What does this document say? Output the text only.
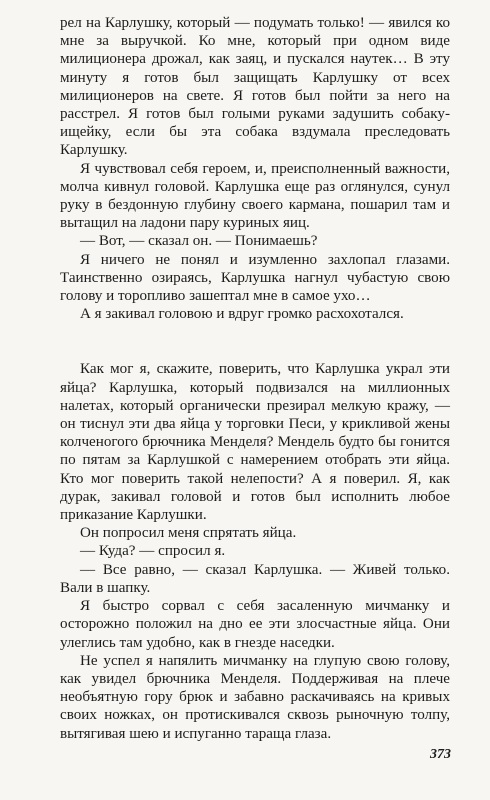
рел на Карлушку, который — подумать только! — явился ко мне за выручкой. Ко мне, который при одном виде милиционера дрожал, как заяц, и пускался наутек… В эту минуту я готов был защищать Карлушку от всех милиционеров на свете. Я готов был пойти за него на расстрел. Я готов был голыми руками задушить собаку-ищейку, если бы эта собака вздумала преследовать Карлушку.

Я чувствовал себя героем, и, преисполненный важности, молча кивнул головой. Карлушка еще раз оглянулся, сунул руку в бездонную глубину своего кармана, пошарил там и вытащил на ладони пару куриных яиц.

— Вот, — сказал он. — Понимаешь?

Я ничего не понял и изумленно захлопал глазами. Таинственно озираясь, Карлушка нагнул чубастую свою голову и торопливо зашептал мне в самое ухо…

А я закивал головою и вдруг громко расхохотался.

Как мог я, скажите, поверить, что Карлушка украл эти яйца? Карлушка, который подвизался на миллионных налетах, который органически презирал мелкую кражу, — он тиснул эти два яйца у торговки Песи, у крикливой жены колченогого брючника Менделя? Мендель будто бы гонится по пятам за Карлушкой с намерением отобрать эти яйца. Кто мог поверить такой нелепости? А я поверил. Я, как дурак, закивал головой и готов был исполнить любое приказание Карлушки.

Он попросил меня спрятать яйца.

— Куда? — спросил я.

— Все равно, — сказал Карлушка. — Живей только. Вали в шапку.

Я быстро сорвал с себя засаленную мичманку и осторожно положил на дно ее эти злосчастные яйца. Они улеглись там удобно, как в гнезде наседки.

Не успел я напялить мичманку на глупую свою голову, как увидел брючника Менделя. Поддерживая на плече необъятную гору брюк и забавно раскачиваясь на кривых своих ножках, он протискивался сквозь рыночную толпу, вытягивая шею и испуганно тараща глаза.

373
